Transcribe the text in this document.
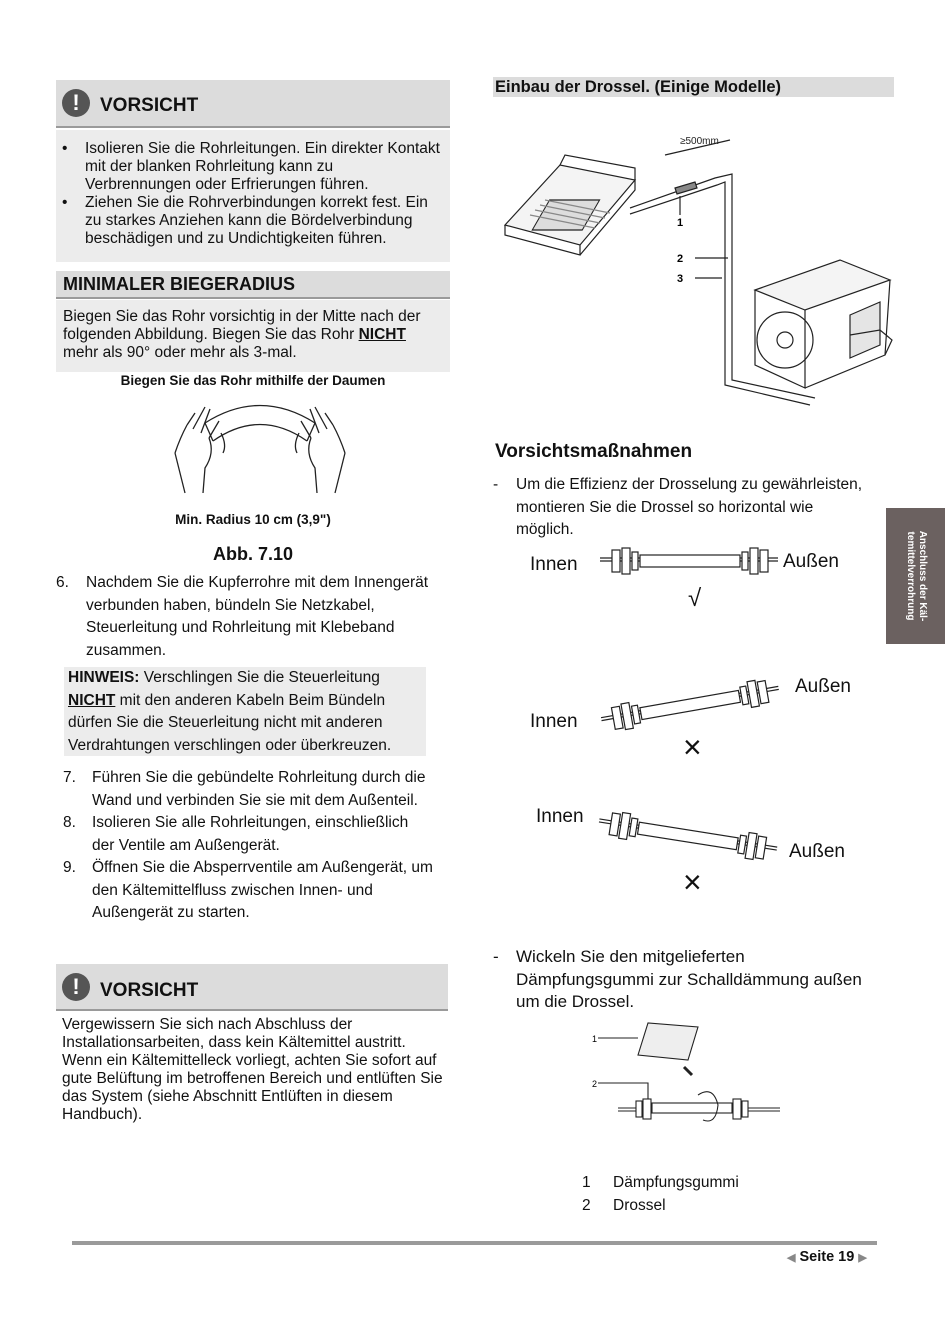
!	VORSICHT
• Isolieren Sie die Rohrleitungen. Ein direkter Kontakt mit der blanken Rohrleitung kann zu Verbrennungen oder Erfrierungen führen.
• Ziehen Sie die Rohrverbindungen korrekt fest. Ein zu starkes Anziehen kann die Bördelverbindung beschädigen und zu Undichtigkeiten führen.
MINIMALER BIEGERADIUS
Biegen Sie das Rohr vorsichtig in der Mitte nach der folgenden Abbildung. Biegen Sie das Rohr NICHT mehr als 90° oder mehr als 3-mal.
Biegen Sie das Rohr mithilfe der Daumen
Min. Radius 10 cm (3,9")
Abb. 7.10
6.	Nachdem Sie die Kupferrohre mit dem Innengerät verbunden haben, bündeln Sie Netzkabel, Steuerleitung und Rohrleitung mit Klebeband zusammen.
HINWEIS: Verschlingen Sie die Steuerleitung NICHT mit den anderen Kabeln Beim Bündeln dürfen Sie die Steuerleitung nicht mit anderen Verdrahtungen verschlingen oder überkreuzen.
7.	Führen Sie die gebündelte Rohrleitung durch die Wand und verbinden Sie sie mit dem Außenteil.
8.	Isolieren Sie alle Rohrleitungen, einschließlich der Ventile am Außengerät.
9.	Öffnen Sie die Absperrventile am Außengerät, um den Kältemittelfluss zwischen Innen- und Außengerät zu starten.
!	VORSICHT
Vergewissern Sie sich nach Abschluss der Installationsarbeiten, dass kein Kältemittel austritt. Wenn ein Kältemittelleck vorliegt, achten Sie sofort auf gute Belüftung im betroffenen Bereich und entlüften Sie das System (siehe Abschnitt Entlüften in diesem Handbuch).
Einbau der Drossel. (Einige Modelle)
≥500mm
1
2
3
Vorsichtsmaßnahmen
-	Um die Effizienz der Drosselung zu gewährleisten, montieren Sie die Drossel so horizontal wie möglich.
Innen	Außen
√
Außen
Innen
×
Innen
Außen
×
-	Wickeln Sie den mitgelieferten Dämpfungsgummi zur Schalldämmung außen um die Drossel.
1
2
1 Dämpfungsgummi
2 Drossel
Anschluss der Käl-
temittelverrohrung
◀ Seite 19 ▶
